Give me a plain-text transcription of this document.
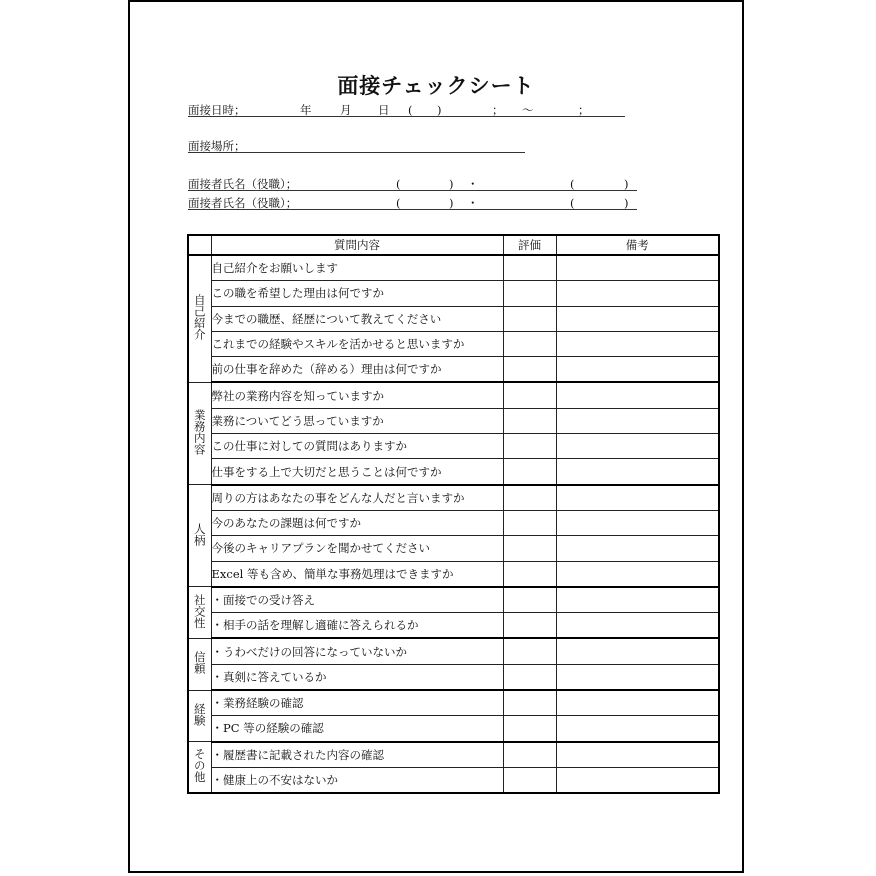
面接チェックシート
面接日時；	年 月 日 ( )	； ～	；
面接場所；
面接者氏名（役職）；	(	) ・	(	)
面接者氏名（役職）；	(	) ・	(	)
	質問内容	評価	備考
自己紹介	自己紹介をお願いします		
	この職を希望した理由は何ですか		
	今までの職歴、経歴について教えてください		
	これまでの経験やスキルを活かせると思いますか		
	前の仕事を辞めた（辞める）理由は何ですか		
業務内容	弊社の業務内容を知っていますか		
	業務についてどう思っていますか		
	この仕事に対しての質問はありますか		
	仕事をする上で大切だと思うことは何ですか		
人柄	周りの方はあなたの事をどんな人だと言いますか		
	今のあなたの課題は何ですか		
	今後のキャリアプランを聞かせてください		
	Excel 等も含め、簡単な事務処理はできますか		
社交性	・面接での受け答え		
	・相手の話を理解し適確に答えられるか		
信頼	・うわべだけの回答になっていないか		
	・真剣に答えているか		
経験	・業務経験の確認		
	・PC 等の経験の確認		
その他	・履歴書に記載された内容の確認		
	・健康上の不安はないか		
